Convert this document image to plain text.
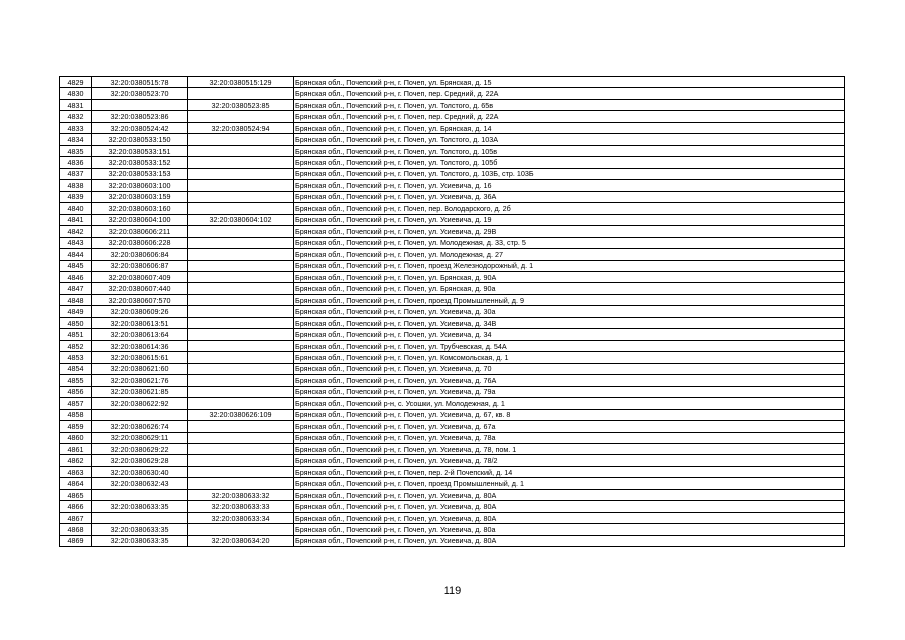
4829	32:20:0380515:78	32:20:0380515:129	Брянская обл., Почепский р-н, г. Почеп, ул. Брянская, д. 15
4830	32:20:0380523:70		Брянская обл., Почепский р-н, г. Почеп, пер. Средний, д. 22А
4831		32:20:0380523:85	Брянская обл., Почепский р-н, г. Почеп, ул. Толстого, д. 65в
4832	32:20:0380523:86		Брянская обл., Почепский р-н, г. Почеп, пер. Средний, д. 22А
4833	32:20:0380524:42	32:20:0380524:94	Брянская обл., Почепский р-н, г. Почеп, ул. Брянская, д. 14
4834	32:20:0380533:150		Брянская обл., Почепский р-н, г. Почеп, ул. Толстого, д. 103А
4835	32:20:0380533:151		Брянская обл., Почепский р-н, г. Почеп, ул. Толстого, д. 105в
4836	32:20:0380533:152		Брянская обл., Почепский р-н, г. Почеп, ул. Толстого, д. 105б
4837	32:20:0380533:153		Брянская обл., Почепский р-н, г. Почеп, ул. Толстого, д. 103Б, стр. 103Б
4838	32:20:0380603:100		Брянская обл., Почепский р-н, г. Почеп, ул. Усиевича, д. 16
4839	32:20:0380603:159		Брянская обл., Почепский р-н, г. Почеп, ул. Усиевича, д. 36А
4840	32:20:0380603:160		Брянская обл., Почепский р-н, г. Почеп, пер. Володарского, д. 2б
4841	32:20:0380604:100	32:20:0380604:102	Брянская обл., Почепский р-н, г. Почеп, ул. Усиевича, д. 19
4842	32:20:0380606:211		Брянская обл., Почепский р-н, г. Почеп, ул. Усиевича, д. 29В
4843	32:20:0380606:228		Брянская обл., Почепский р-н, г. Почеп, ул. Молодежная, д. 33, стр. 5
4844	32:20:0380606:84		Брянская обл., Почепский р-н, г. Почеп, ул. Молодежная, д. 27
4845	32:20:0380606:87		Брянская обл., Почепский р-н, г. Почеп, проезд Железнодорожный, д. 1
4846	32:20:0380607:409		Брянская обл., Почепский р-н, г. Почеп, ул. Брянская, д. 90А
4847	32:20:0380607:440		Брянская обл., Почепский р-н, г. Почеп, ул. Брянская, д. 90а
4848	32:20:0380607:570		Брянская обл., Почепский р-н, г. Почеп, проезд Промышленный, д. 9
4849	32:20:0380609:26		Брянская обл., Почепский р-н, г. Почеп, ул. Усиевича, д. 30а
4850	32:20:0380613:51		Брянская обл., Почепский р-н, г. Почеп, ул. Усиевича, д. 34В
4851	32:20:0380613:64		Брянская обл., Почепский р-н, г. Почеп, ул. Усиевича, д. 34
4852	32:20:0380614:36		Брянская обл., Почепский р-н, г. Почеп, ул. Трубчевская, д. 54А
4853	32:20:0380615:61		Брянская обл., Почепский р-н, г. Почеп, ул. Комсомольская, д. 1
4854	32:20:0380621:60		Брянская обл., Почепский р-н, г. Почеп, ул. Усиевича, д. 70
4855	32:20:0380621:76		Брянская обл., Почепский р-н, г. Почеп, ул. Усиевича, д. 76А
4856	32:20:0380621:85		Брянская обл., Почепский р-н, г. Почеп, ул. Усиевича, д. 79а
4857	32:20:0380622:92		Брянская обл., Почепский р-н, с. Усошки, ул. Молодежная, д. 1
4858		32:20:0380626:109	Брянская обл., Почепский р-н, г. Почеп, ул. Усиевича, д. 67, кв. 8
4859	32:20:0380626:74		Брянская обл., Почепский р-н, г. Почеп, ул. Усиевича, д. 67а
4860	32:20:0380629:11		Брянская обл., Почепский р-н, г. Почеп, ул. Усиевича, д. 78а
4861	32:20:0380629:22		Брянская обл., Почепский р-н, г. Почеп, ул. Усиевича, д. 78, пом. 1
4862	32:20:0380629:28		Брянская обл., Почепский р-н, г. Почеп, ул. Усиевича, д. 78/2
4863	32:20:0380630:40		Брянская обл., Почепский р-н, г. Почеп, пер. 2-й Почепский, д. 14
4864	32:20:0380632:43		Брянская обл., Почепский р-н, г. Почеп, проезд Промышленный, д. 1
4865		32:20:0380633:32	Брянская обл., Почепский р-н, г. Почеп, ул. Усиевича, д. 80А
4866	32:20:0380633:35	32:20:0380633:33	Брянская обл., Почепский р-н, г. Почеп, ул. Усиевича, д. 80А
4867		32:20:0380633:34	Брянская обл., Почепский р-н, г. Почеп, ул. Усиевича, д. 80А
4868	32:20:0380633:35		Брянская обл., Почепский р-н, г. Почеп, ул. Усиевича, д. 80а
4869	32:20:0380633:35	32:20:0380634:20	Брянская обл., Почепский р-н, г. Почеп, ул. Усиевича, д. 80А
119
